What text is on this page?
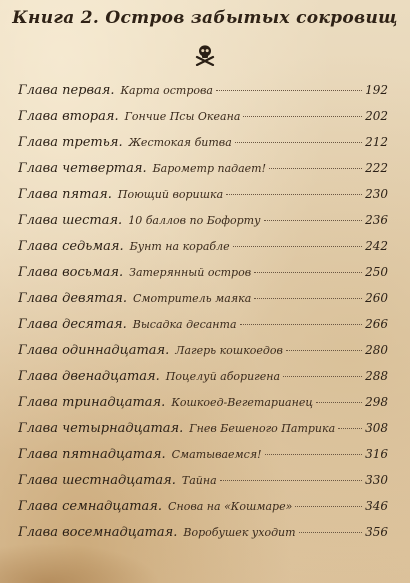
Книга 2. Остров забытых сокровищ
Глава первая. Карта острова	192
Глава вторая. Гончие Псы Океана	202
Глава третья. Жестокая битва	212
Глава четвертая. Барометр падает!	222
Глава пятая. Поющий воришка	230
Глава шестая. 10 баллов по Бофорту	236
Глава седьмая. Бунт на корабле	242
Глава восьмая. Затерянный остров	250
Глава девятая. Смотритель маяка	260
Глава десятая. Высадка десанта	266
Глава одиннадцатая. Лагерь кошкоедов	280
Глава двенадцатая. Поцелуй аборигена	288
Глава тринадцатая. Кошкоед-Вегетарианец	298
Глава четырнадцатая. Гнев Бешеного Патрика 308
Глава пятнадцатая. Сматываемся!	316
Глава шестнадцатая. Тайна	330
Глава семнадцатая. Снова на «Кошмаре»	346
Глава восемнадцатая. Воробушек уходит	356
